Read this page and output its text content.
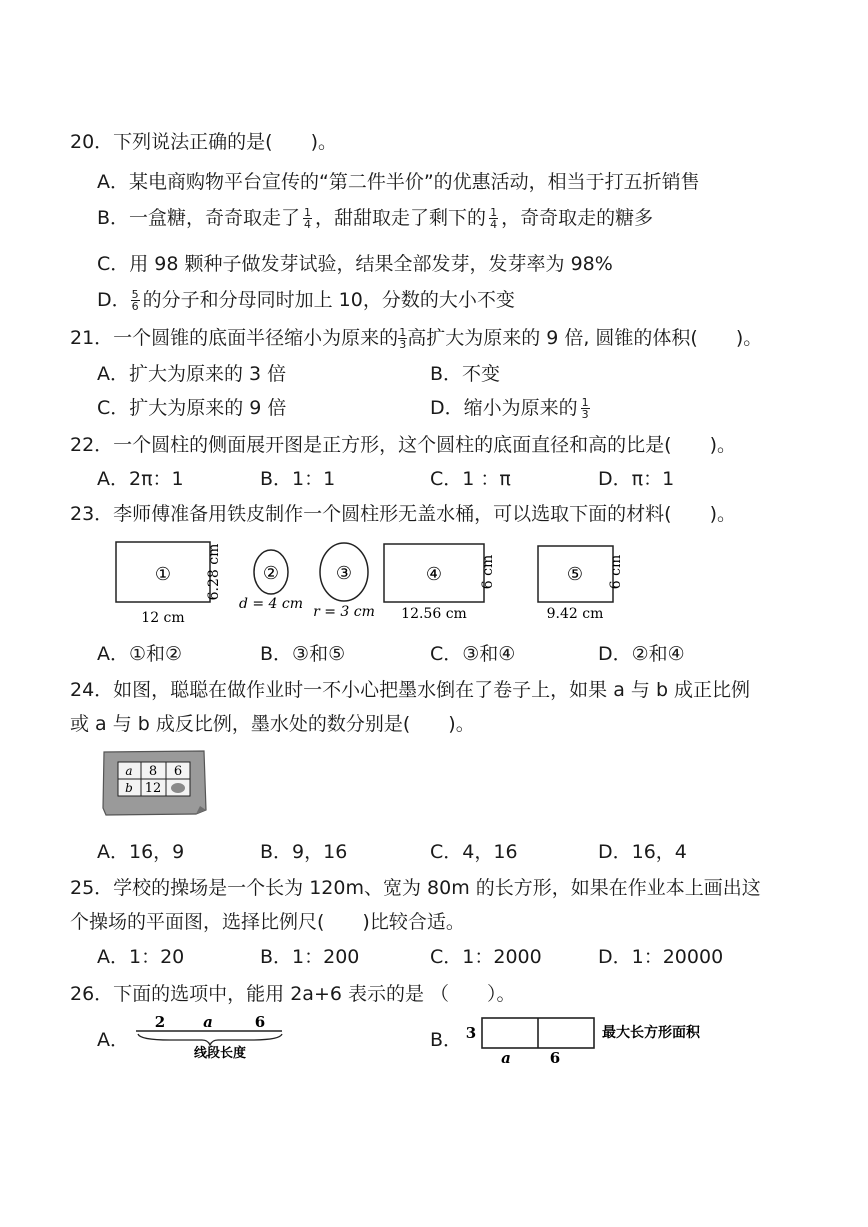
20．下列说法正确的是(　　)。
A．某电商购物平台宣传的“第二件半价”的优惠活动，相当于打五折销售
B．一盒糖，奇奇取走了 $\frac{1}{4}$ ，甜甜取走了剩下的 $\frac{1}{4}$ ，奇奇取走的糖多
C．用 98 颗种子做发芽试验，结果全部发芽，发芽率为 98%
D． $\frac{5}{6}$ 的分子和分母同时加上 10，分数的大小不变
21．一个圆锥的底面半径缩小为原来的 $\frac{1}{3}$ 高扩大为原来的 9 倍, 圆锥的体积(　　)。
A．扩大为原来的 3 倍	B．不变
C．扩大为原来的 9 倍	D．缩小为原来的 $\frac{1}{3}$
22．一个圆柱的侧面展开图是正方形，这个圆柱的底面直径和高的比是(　　)。
A．2π：1	B．1：1	C．1 ：π	D．π：1
23．李师傅准备用铁皮制作一个圆柱形无盖水桶，可以选取下面的材料(　　)。
①
12 cm
6.28 cm ②
d = 4 cm
③
r = 3 cm
④
12.56 cm
6 cm	⑤
9.42 cm
6 cm
A．①和②	B．③和⑤	C．③和④	D．②和④
24．如图，聪聪在做作业时一不小心把墨水倒在了卷子上，如果 a 与 b 成正比例
或 a 与 b 成反比例，墨水处的数分别是(　　)。
a 8 6
b 12
A．16，9	B．9，16	C．4，16	D．16，4
25．学校的操场是一个长为 120m、宽为 80m 的长方形，如果在作业本上画出这
个操场的平面图，选择比例尺(　　)比较合适。
A．1：20	B．1：200	C．1：2000	D．1：20000
26．下面的选项中，能用 2a+6 表示的是 （　　）。
A．
2	a	6
线段长度
B． 3
a	6
最大长方形面积
